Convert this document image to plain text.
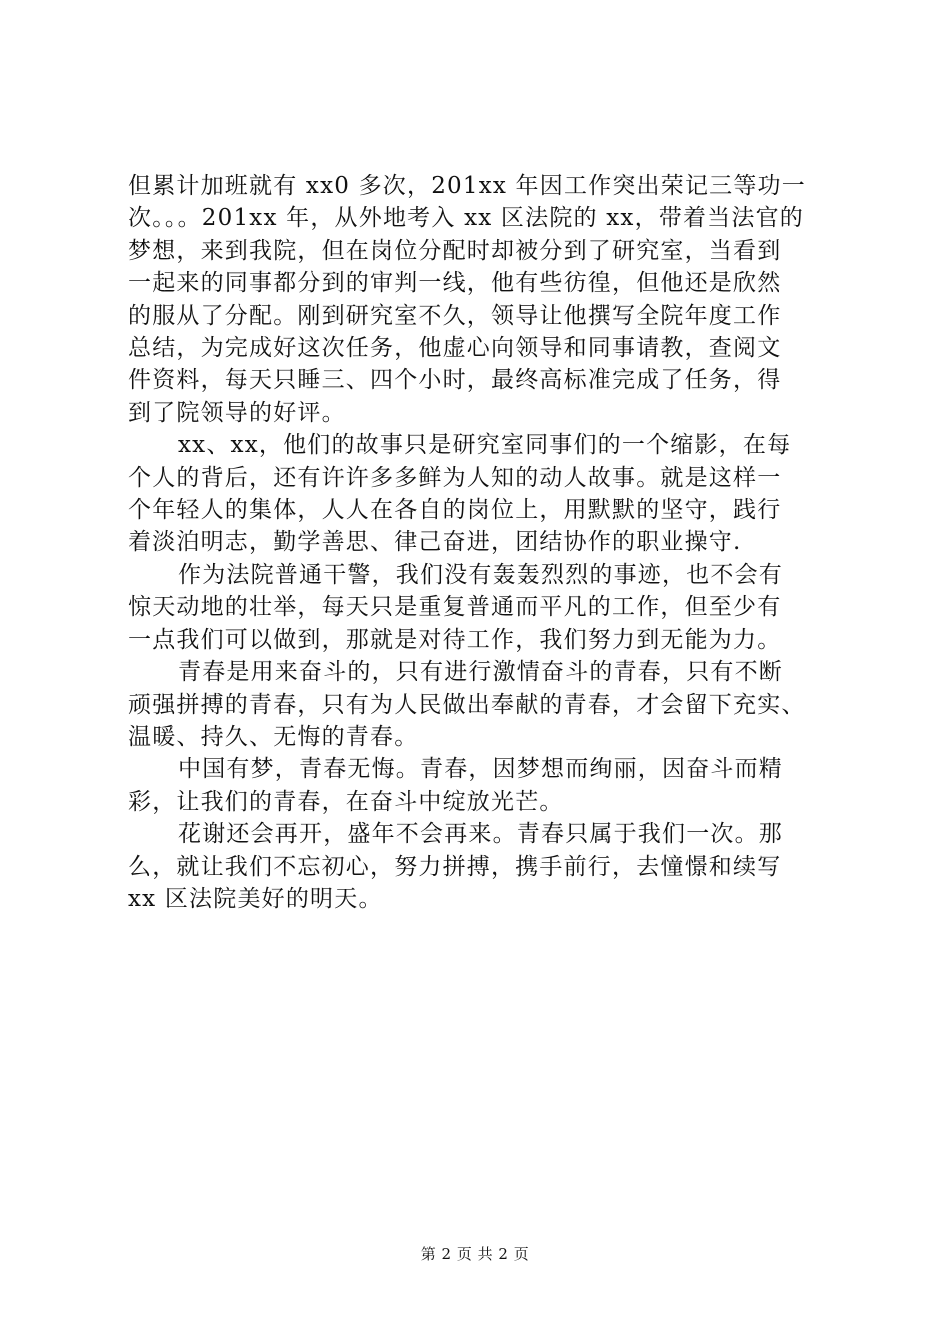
但累计加班就有 xx0 多次，201xx 年因工作突出荣记三等功一
次。。。201xx 年，从外地考入 xx 区法院的 xx，带着当法官的
梦想，来到我院，但在岗位分配时却被分到了研究室，当看到
一起来的同事都分到的审判一线，他有些彷徨，但他还是欣然
的服从了分配。刚到研究室不久，领导让他撰写全院年度工作
总结，为完成好这次任务，他虚心向领导和同事请教，查阅文
件资料，每天只睡三、四个小时，最终高标准完成了任务，得
到了院领导的好评。
xx、xx，他们的故事只是研究室同事们的一个缩影，在每
个人的背后，还有许许多多鲜为人知的动人故事。就是这样一
个年轻人的集体，人人在各自的岗位上，用默默的坚守，践行
着淡泊明志，勤学善思、律己奋进，团结协作的职业操守.
作为法院普通干警，我们没有轰轰烈烈的事迹，也不会有
惊天动地的壮举，每天只是重复普通而平凡的工作，但至少有
一点我们可以做到，那就是对待工作，我们努力到无能为力。
青春是用来奋斗的，只有进行激情奋斗的青春，只有不断
顽强拼搏的青春，只有为人民做出奉献的青春，才会留下充实、
温暖、持久、无悔的青春。
中国有梦，青春无悔。青春，因梦想而绚丽，因奋斗而精
彩，让我们的青春，在奋斗中绽放光芒。
花谢还会再开，盛年不会再来。青春只属于我们一次。那
么，就让我们不忘初心，努力拼搏，携手前行，去憧憬和续写
xx 区法院美好的明天。
第 2 页 共 2 页
